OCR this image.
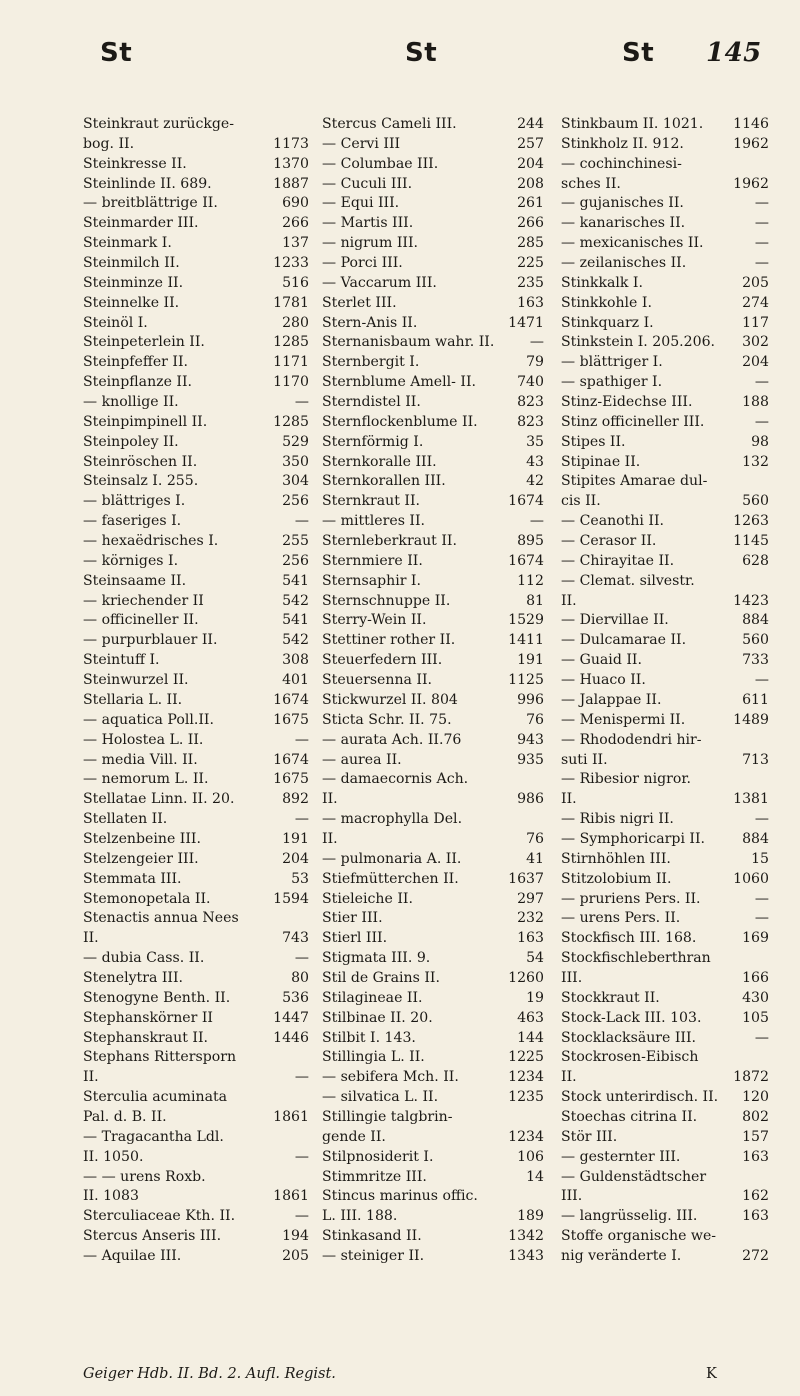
St	St	St 145
Steinkraut zurückge-
bog. II.	1173
Steinkresse II.	1370
Steinlinde II. 689.	1887
— breitblättrige II.	690
Steinmarder III.	266
Steinmark I.	137
Steinmilch II.	1233
Steinminze II.	516
Steinnelke II.	1781
Steinöl I.	280
Steinpeterlein II.	1285
Steinpfeffer II.	1171
Steinpflanze II.	1170
— knollige II.	—
Steinpimpinell II.	1285
Steinpoley II.	529
Steinröschen II.	350
Steinsalz I. 255.	304
— blättriges I.	256
— faseriges I.	—
— hexaëdrisches I.	255
— körniges I.	256
Steinsaame II.	541
— kriechender II	542
— officineller II.	541
— purpurblauer II.	542
Steintuff I.	308
Steinwurzel II.	401
Stellaria L. II.	1674
— aquatica Poll.II.	1675
— Holostea L. II.	—
— media Vill. II.	1674
— nemorum L. II.	1675
Stellatae Linn. II. 20.	892
Stellaten II.	—
Stelzenbeine III.	191
Stelzengeier III.	204
Stemmata III.	53
Stemonopetala II.	1594
Stenactis annua Nees
II.	743
— dubia Cass. II.	—
Stenelytra III.	80
Stenogyne Benth. II.	536
Stephanskörner II	1447
Stephanskraut II.	1446
Stephans Rittersporn
II.	—
Sterculia acuminata
Pal. d. B. II.	1861
— Tragacantha Ldl.
II. 1050.	—
— — urens Roxb.
II. 1083	1861
Sterculiaceae Kth. II.	—
Stercus Anseris III.	194
— Aquilae III.	205
Stercus Cameli III.	244
— Cervi III	257
— Columbae III.	204
— Cuculi III.	208
— Equi III.	261
— Martis III.	266
— nigrum III.	285
— Porci III.	225
— Vaccarum III.	235
Sterlet III.	163
Stern-Anis II.	1471
Sternanisbaum wahr. II.	—
Sternbergit I.	79
Sternblume Amell- II.	740
Sterndistel II.	823
Sternflockenblume II.	823
Sternförmig I.	35
Sternkoralle III.	43
Sternkorallen III.	42
Sternkraut II.	1674
— mittleres II.	—
Sternleberkraut II.	895
Sternmiere II.	1674
Sternsaphir I.	112
Sternschnuppe II.	81
Sterry-Wein II.	1529
Stettiner rother II.	1411
Steuerfedern III.	191
Steuersenna II.	1125
Stickwurzel II. 804	996
Sticta Schr. II. 75.	76
— aurata Ach. II.76	943
— aurea II.	935
— damaecornis Ach.
II.	986
— macrophylla Del.
II.	76
— pulmonaria A. II.	41
Stiefmütterchen II.	1637
Stieleiche II.	297
Stier III.	232
Stierl III.	163
Stigmata III. 9.	54
Stil de Grains II.	1260
Stilagineae II.	19
Stilbinae II. 20.	463
Stilbit I. 143.	144
Stillingia L. II.	1225
— sebifera Mch. II.	1234
— silvatica L. II.	1235
Stillingie talgbrin-
gende II.	1234
Stilpnosiderit I.	106
Stimmritze III.	14
Stincus marinus offic.
L. III. 188.	189
Stinkasand II.	1342
— steiniger II.	1343
Stinkbaum II. 1021.	1146
Stinkholz II. 912.	1962
— cochinchinesi-
sches II.	1962
— gujanisches II.	—
— kanarisches II.	—
— mexicanisches II.	—
— zeilanisches II.	—
Stinkkalk I.	205
Stinkkohle I.	274
Stinkquarz I.	117
Stinkstein I. 205.206.	302
— blättriger I.	204
— spathiger I.	—
Stinz-Eidechse III.	188
Stinz officineller III.	—
Stipes II.	98
Stipinae II.	132
Stipites Amarae dul-
cis II.	560
— Ceanothi II.	1263
— Cerasor II.	1145
— Chirayitae II.	628
— Clemat. silvestr.
II.	1423
— Diervillae II.	884
— Dulcamarae II.	560
— Guaid II.	733
— Huaco II.	—
— Jalappae II.	611
— Menispermi II.	1489
— Rhododendri hir-
suti II.	713
— Ribesior nigror.
II.	1381
— Ribis nigri II.	—
— Symphoricarpi II.	884
Stirnhöhlen III.	15
Stitzolobium II.	1060
— pruriens Pers. II.	—
— urens Pers. II.	—
Stockfisch III. 168.	169
Stockfischleberthran
III.	166
Stockkraut II.	430
Stock-Lack III. 103.	105
Stocklacksäure III.	—
Stockrosen-Eibisch
II.	1872
Stock unterirdisch. II.	120
Stoechas citrina II.	802
Stör III.	157
— gesternter III.	163
— Guldenstädtscher
III.	162
— langrüsselig. III.	163
Stoffe organische we-
nig veränderte I.	272
Geiger Hdb. II. Bd. 2. Aufl. Regist.	K
